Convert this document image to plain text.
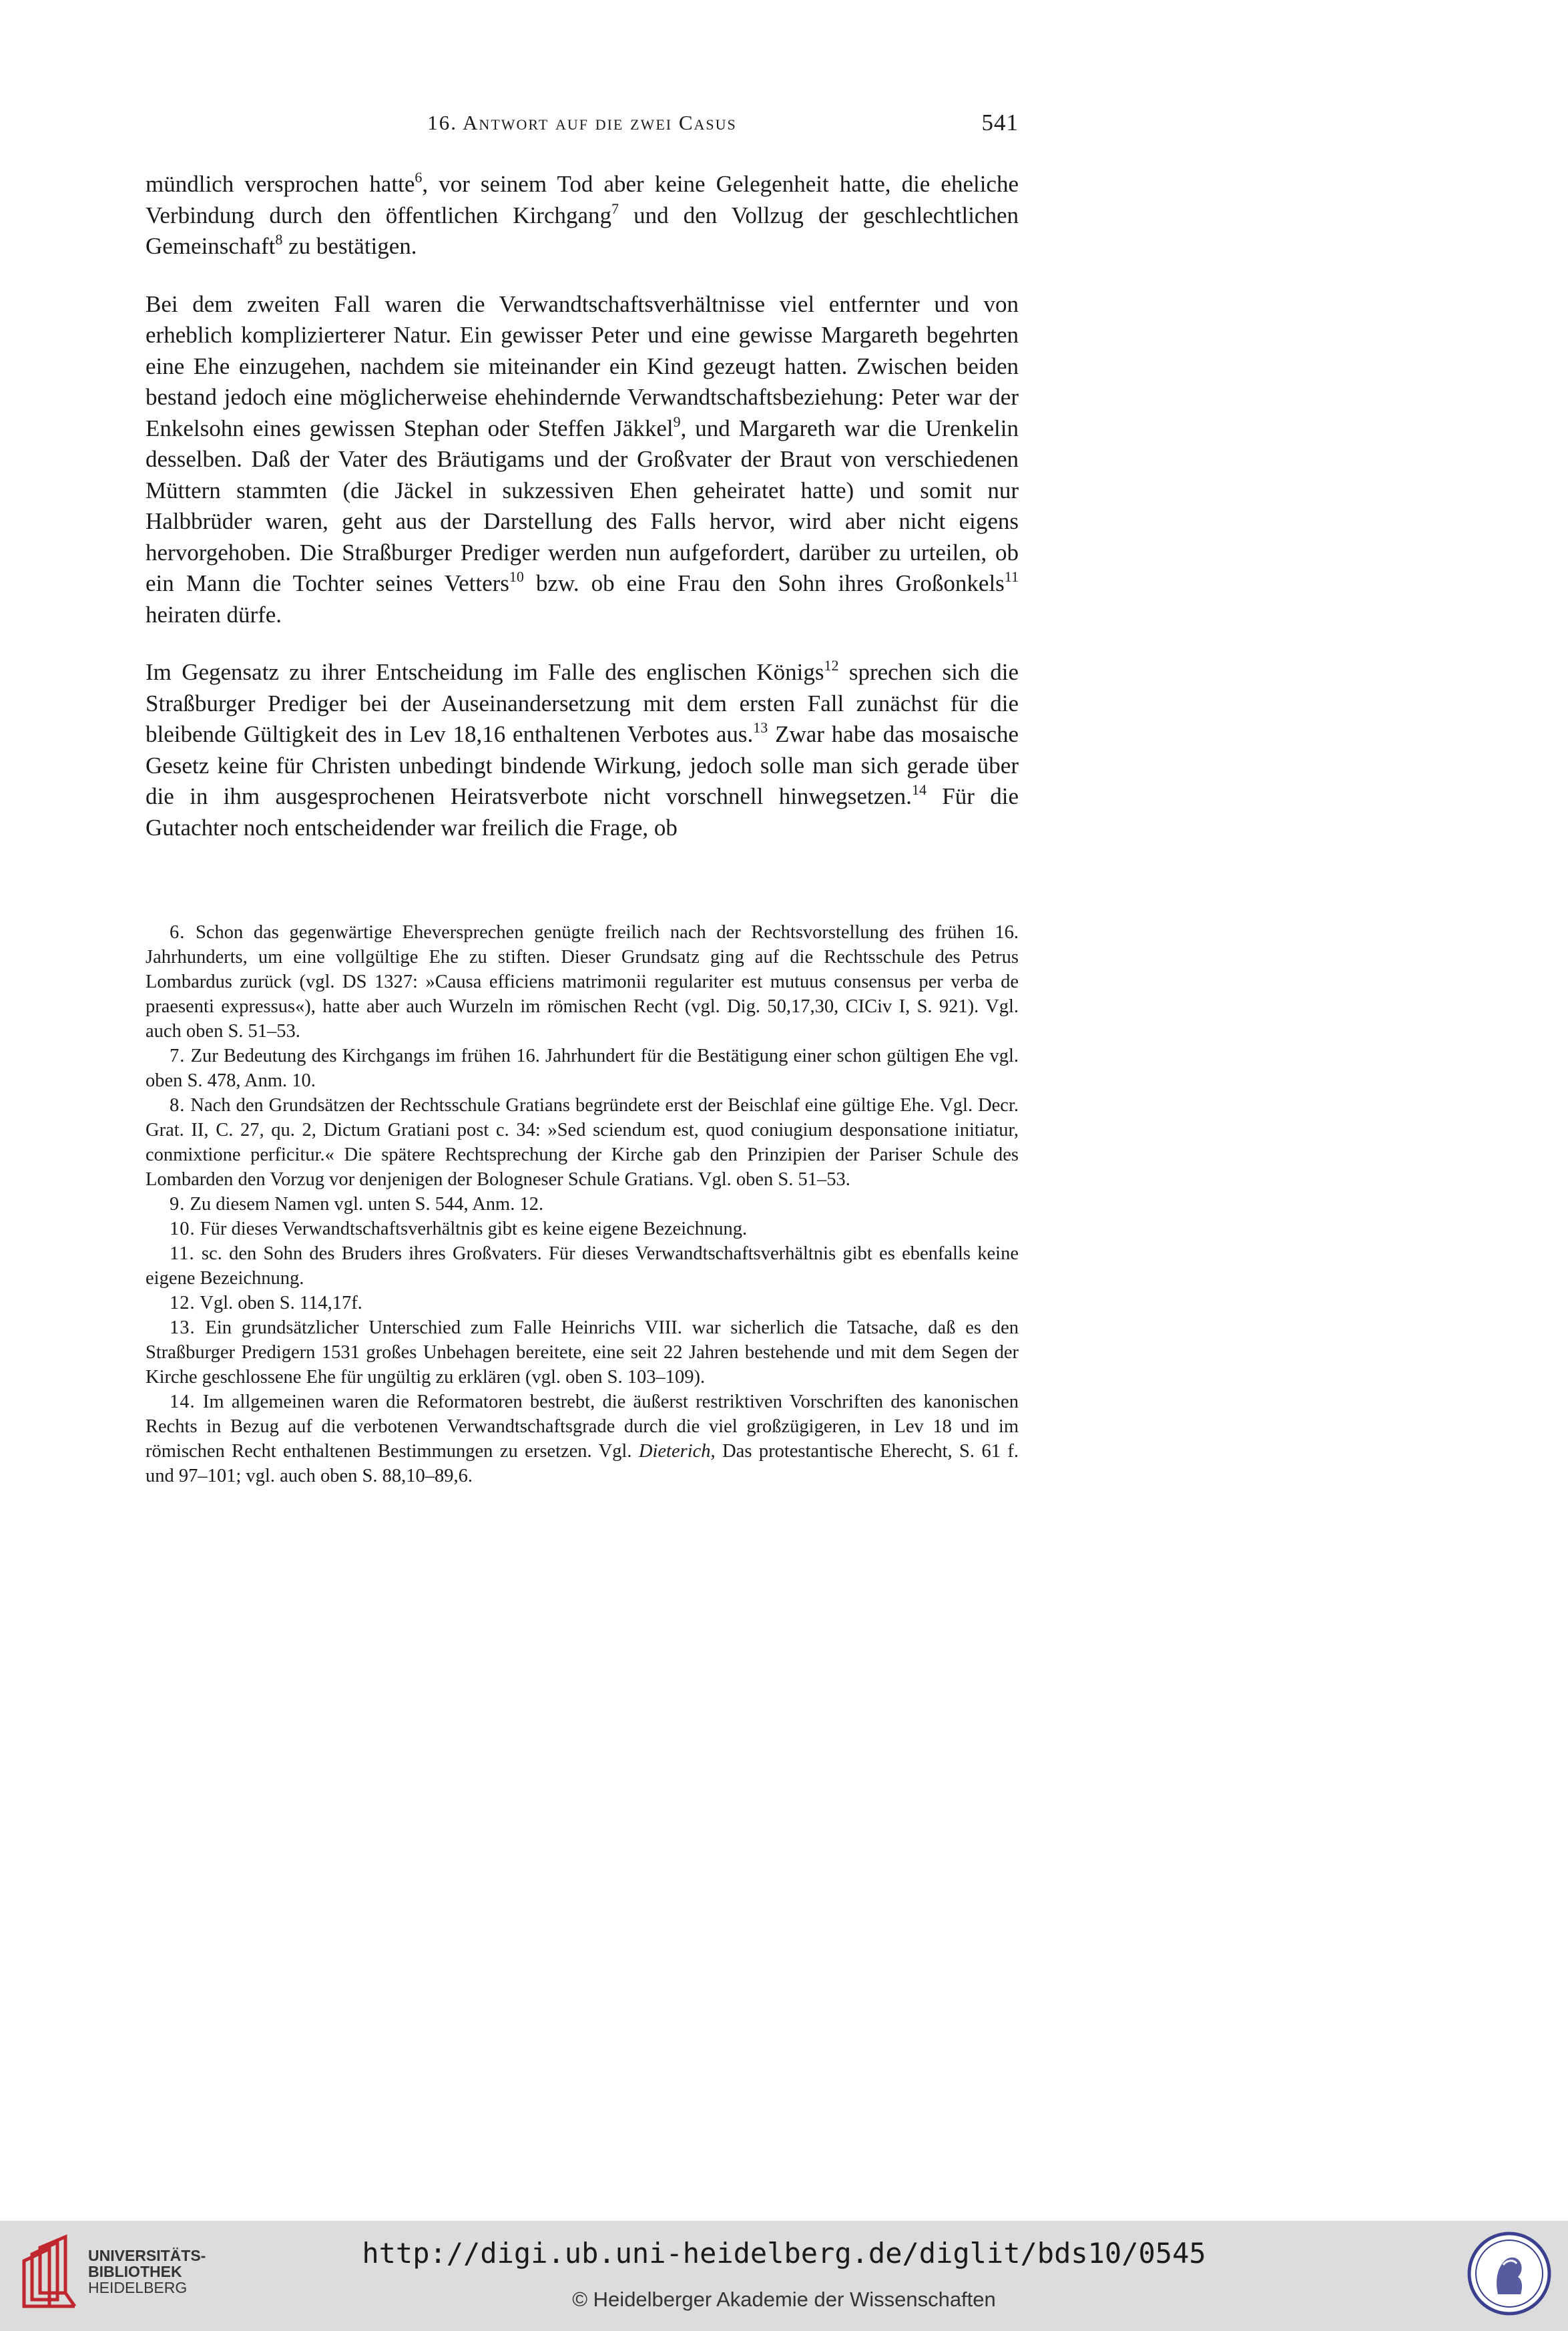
16. Antwort auf die zwei Casus	541

mündlich versprochen hatte$^6$, vor seinem Tod aber keine Gelegenheit hatte, die eheliche Verbindung durch den öffentlichen Kirchgang$^7$ und den Vollzug der geschlechtlichen Gemeinschaft$^8$ zu bestätigen.

Bei dem zweiten Fall waren die Verwandtschaftsverhältnisse viel entfernter und von erheblich komplizierterer Natur. Ein gewisser Peter und eine gewisse Margareth begehrten eine Ehe einzugehen, nachdem sie miteinander ein Kind gezeugt hatten. Zwischen beiden bestand jedoch eine möglicherweise ehehindernde Verwandtschaftsbeziehung: Peter war der Enkelsohn eines gewissen Stephan oder Steffen Jäkkel$^9$, und Margareth war die Urenkelin desselben. Daß der Vater des Bräutigams und der Großvater der Braut von verschiedenen Müttern stammten (die Jäckel in sukzessiven Ehen geheiratet hatte) und somit nur Halbbrüder waren, geht aus der Darstellung des Falls hervor, wird aber nicht eigens hervorgehoben. Die Straßburger Prediger werden nun aufgefordert, darüber zu urteilen, ob ein Mann die Tochter seines Vetters$^{10}$ bzw. ob eine Frau den Sohn ihres Großonkels$^{11}$ heiraten dürfe.

Im Gegensatz zu ihrer Entscheidung im Falle des englischen Königs$^{12}$ sprechen sich die Straßburger Prediger bei der Auseinandersetzung mit dem ersten Fall zunächst für die bleibende Gültigkeit des in Lev 18,16 enthaltenen Verbotes aus.$^{13}$ Zwar habe das mosaische Gesetz keine für Christen unbedingt bindende Wirkung, jedoch solle man sich gerade über die in ihm ausgesprochenen Heiratsverbote nicht vorschnell hinwegsetzen.$^{14}$ Für die Gutachter noch entscheidender war freilich die Frage, ob

6. Schon das gegenwärtige Eheversprechen genügte freilich nach der Rechtsvorstellung des frühen 16. Jahrhunderts, um eine vollgültige Ehe zu stiften. Dieser Grundsatz ging auf die Rechtsschule des Petrus Lombardus zurück (vgl. DS 1327: »Causa efficiens matrimonii regulariter est mutuus consensus per verba de praesenti expressus«), hatte aber auch Wurzeln im römischen Recht (vgl. Dig. 50,17,30, CICiv I, S. 921). Vgl. auch oben S. 51–53.

7. Zur Bedeutung des Kirchgangs im frühen 16. Jahrhundert für die Bestätigung einer schon gültigen Ehe vgl. oben S. 478, Anm. 10.

8. Nach den Grundsätzen der Rechtsschule Gratians begründete erst der Beischlaf eine gültige Ehe. Vgl. Decr. Grat. II, C. 27, qu. 2, Dictum Gratiani post c. 34: »Sed sciendum est, quod coniugium desponsatione initiatur, conmixtione perficitur.« Die spätere Rechtsprechung der Kirche gab den Prinzipien der Pariser Schule des Lombarden den Vorzug vor denjenigen der Bologneser Schule Gratians. Vgl. oben S. 51–53.

9. Zu diesem Namen vgl. unten S. 544, Anm. 12.

10. Für dieses Verwandtschaftsverhältnis gibt es keine eigene Bezeichnung.

11. sc. den Sohn des Bruders ihres Großvaters. Für dieses Verwandtschaftsverhältnis gibt es ebenfalls keine eigene Bezeichnung.

12. Vgl. oben S. 114,17f.

13. Ein grundsätzlicher Unterschied zum Falle Heinrichs VIII. war sicherlich die Tatsache, daß es den Straßburger Predigern 1531 großes Unbehagen bereitete, eine seit 22 Jahren bestehende und mit dem Segen der Kirche geschlossene Ehe für ungültig zu erklären (vgl. oben S. 103–109).

14. Im allgemeinen waren die Reformatoren bestrebt, die äußerst restriktiven Vorschriften des kanonischen Rechts in Bezug auf die verbotenen Verwandtschaftsgrade durch die viel großzügigeren, in Lev 18 und im römischen Recht enthaltenen Bestimmungen zu ersetzen. Vgl. Dieterich, Das protestantische Eherecht, S. 61 f. und 97–101; vgl. auch oben S. 88,10–89,6.

UNIVERSITÄTS-
BIBLIOTHEK
HEIDELBERG
http://digi.ub.uni-heidelberg.de/diglit/bds10/0545
© Heidelberger Akademie der Wissenschaften
